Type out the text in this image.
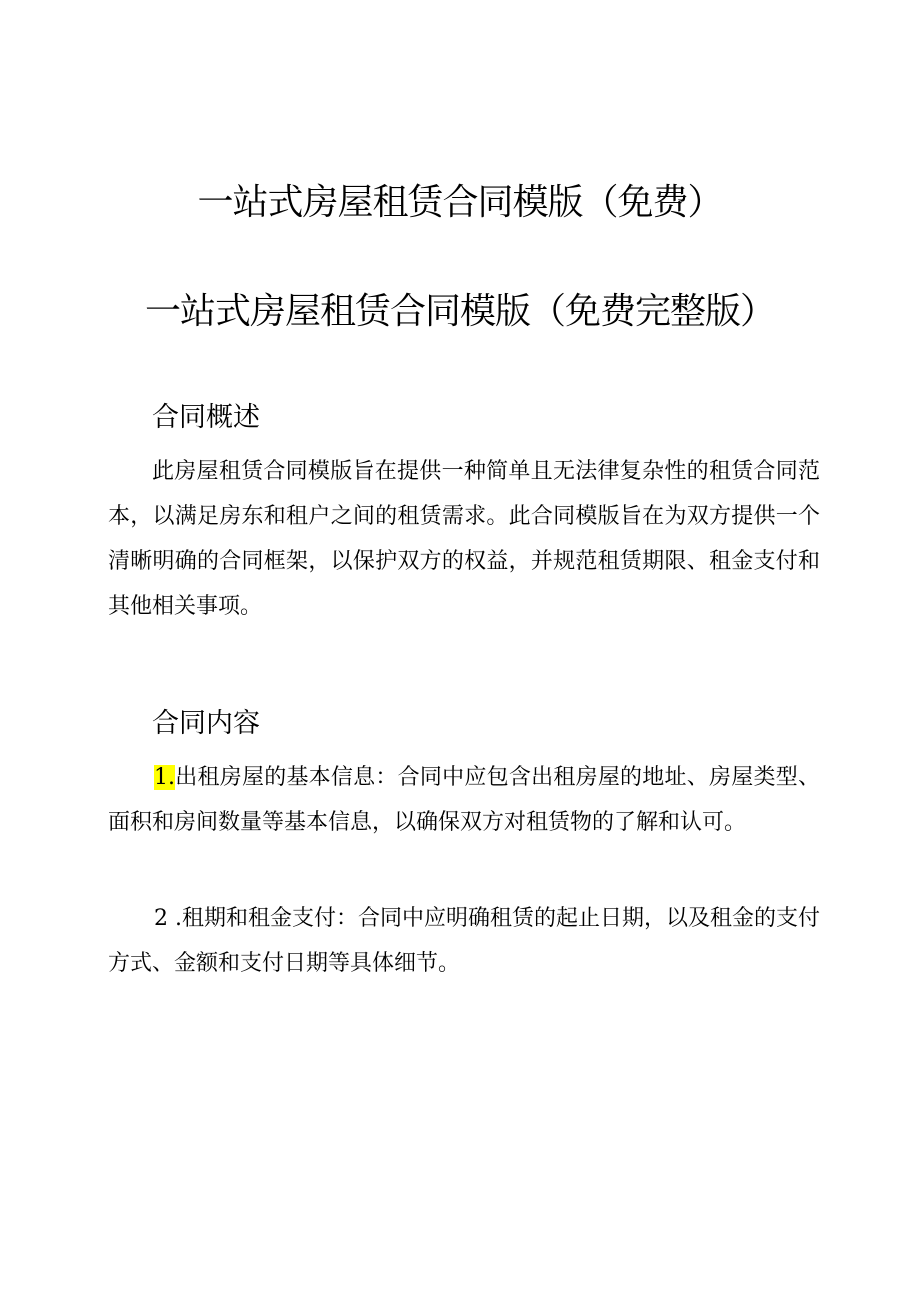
一站式房屋租赁合同模版（免费）
一站式房屋租赁合同模版（免费完整版）
合同概述

此房屋租赁合同模版旨在提供一种简单且无法律复杂性的租赁合同范本，以满足房东和租户之间的租赁需求。此合同模版旨在为双方提供一个清晰明确的合同框架，以保护双方的权益，并规范租赁期限、租金支付和其他相关事项。

合同内容

1.出租房屋的基本信息：合同中应包含出租房屋的地址、房屋类型、面积和房间数量等基本信息，以确保双方对租赁物的了解和认可。

2 .租期和租金支付：合同中应明确租赁的起止日期，以及租金的支付方式、金额和支付日期等具体细节。
